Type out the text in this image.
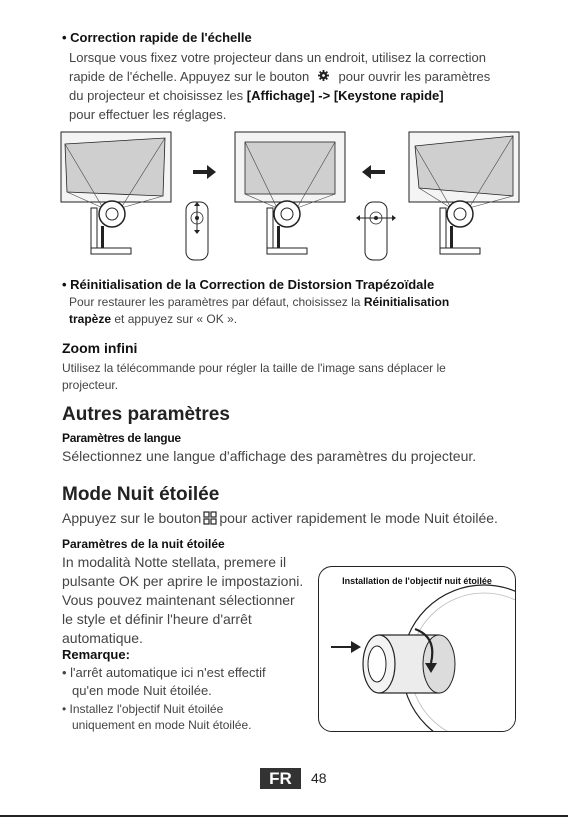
• Correction rapide de l'échelle
Lorsque vous fixez votre projecteur dans un endroit, utilisez la correction
rapide de l'échelle. Appuyez sur le bouton pour ouvrir les paramètres
du projecteur et choisissez les [Affichage] -> [Keystone rapide]
pour effectuer les réglages.
• Réinitialisation de la Correction de Distorsion Trapézoïdale
Pour restaurer les paramètres par défaut, choisissez la Réinitialisation
trapèze et appuyez sur « OK ».
Zoom infini
Utilisez la télécommande pour régler la taille de l'image sans déplacer le
projecteur.
Autres paramètres
Paramètres de langue
Sélectionnez une langue d'affichage des paramètres du projecteur.
Mode Nuit étoilée
Appuyez sur le bouton pour activer rapidement le mode Nuit étoilée.
Paramètres de la nuit étoilée
In modalità Notte stellata, premere il
pulsante OK per aprire le impostazioni.
Vous pouvez maintenant sélectionner
le style et définir l'heure d'arrêt
automatique.
Remarque:
• l'arrêt automatique ici n'est effectif
qu'en mode Nuit étoilée.
• Installez l'objectif Nuit étoilée
uniquement en mode Nuit étoilée.
Installation de l'objectif nuit étoilée
FR	48
